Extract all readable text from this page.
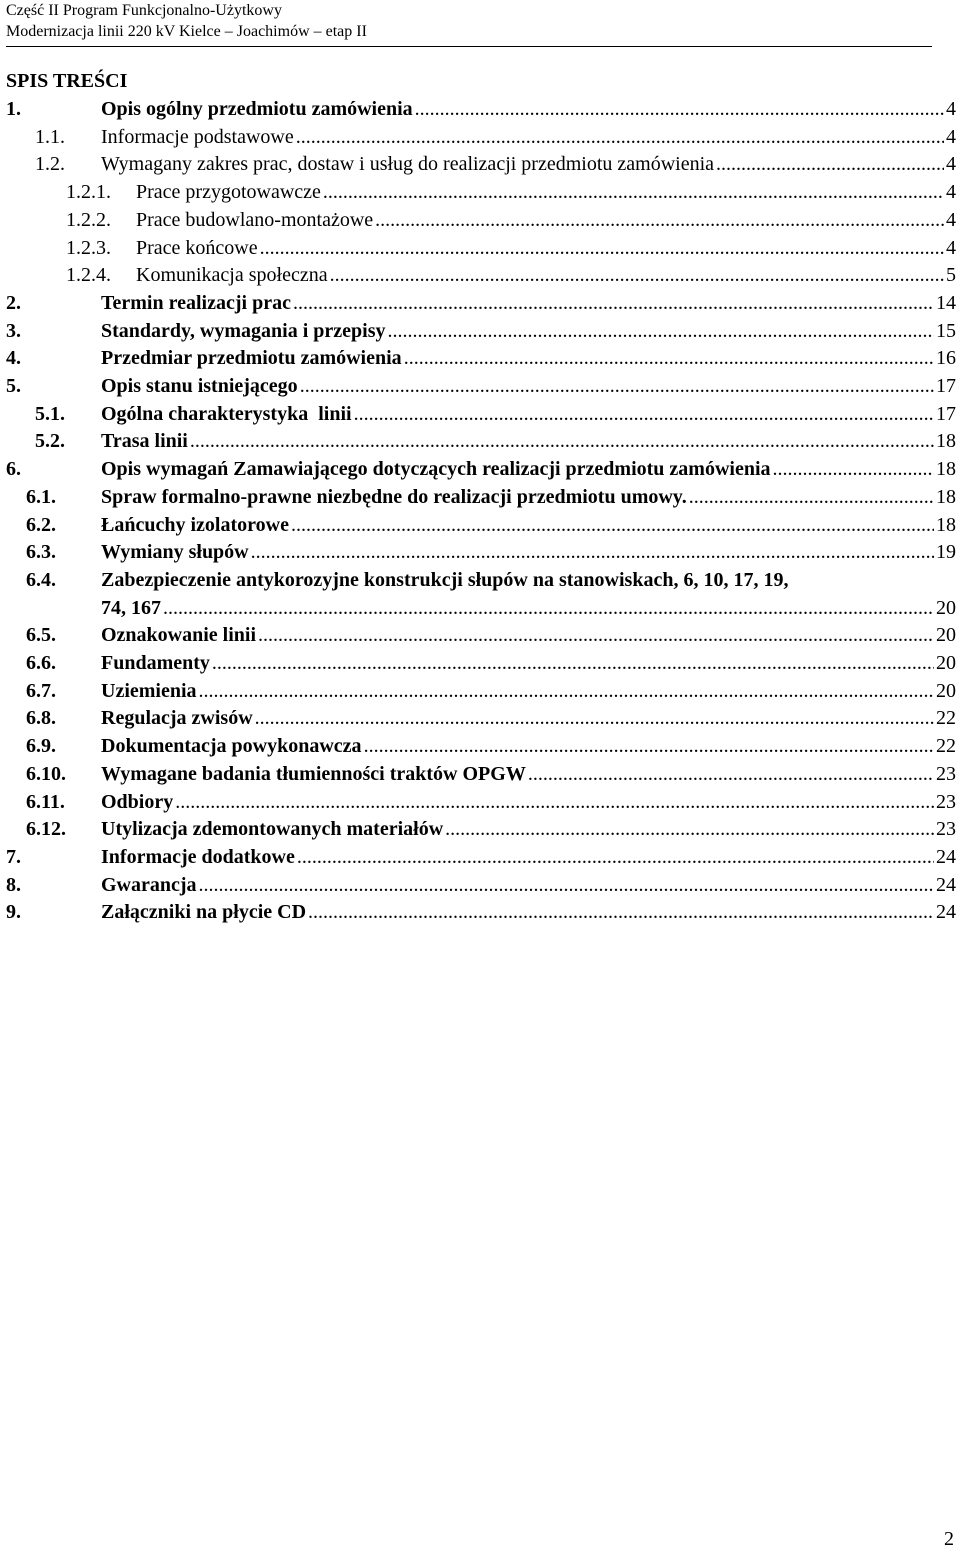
Część II Program Funkcjonalno-Użytkowy
Modernizacja linii 220 kV Kielce – Joachimów – etap II
SPIS TREŚCI
1.	Opis ogólny przedmiotu zamówienia .....	4
1.1.	Informacje podstawowe .....	4
1.2.	Wymagany zakres prac, dostaw i usług do realizacji przedmiotu zamówienia .....	4
1.2.1.	Prace przygotowawcze .....	4
1.2.2.	Prace budowlano-montażowe .....	4
1.2.3.	Prace końcowe .....	4
1.2.4.	Komunikacja społeczna .....	5
2.	Termin realizacji prac .....	14
3.	Standardy, wymagania i przepisy .....	15
4.	Przedmiar przedmiotu zamówienia .....	16
5.	Opis stanu istniejącego .....	17
5.1.	Ogólna charakterystyka  linii .....	17
5.2.	Trasa linii .....	18
6.	Opis wymagań Zamawiającego dotyczących realizacji przedmiotu zamówienia .....	18
6.1.	Spraw formalno-prawne niezbędne do realizacji przedmiotu umowy. .....	18
6.2.	Łańcuchy izolatorowe .....	18
6.3.	Wymiany słupów .....	19
6.4.	Zabezpieczenie antykorozyjne konstrukcji słupów na stanowiskach, 6, 10, 17, 19,
74, 167 .....	20
6.5.	Oznakowanie linii .....	20
6.6.	Fundamenty .....	20
6.7.	Uziemienia .....	20
6.8.	Regulacja zwisów .....	22
6.9.	Dokumentacja powykonawcza .....	22
6.10.	Wymagane badania tłumienności traktów OPGW .....	23
6.11.	Odbiory .....	23
6.12.	Utylizacja zdemontowanych materiałów .....	23
7.	Informacje dodatkowe .....	24
8.	Gwarancja .....	24
9.	Załączniki na płycie CD .....	24
2
